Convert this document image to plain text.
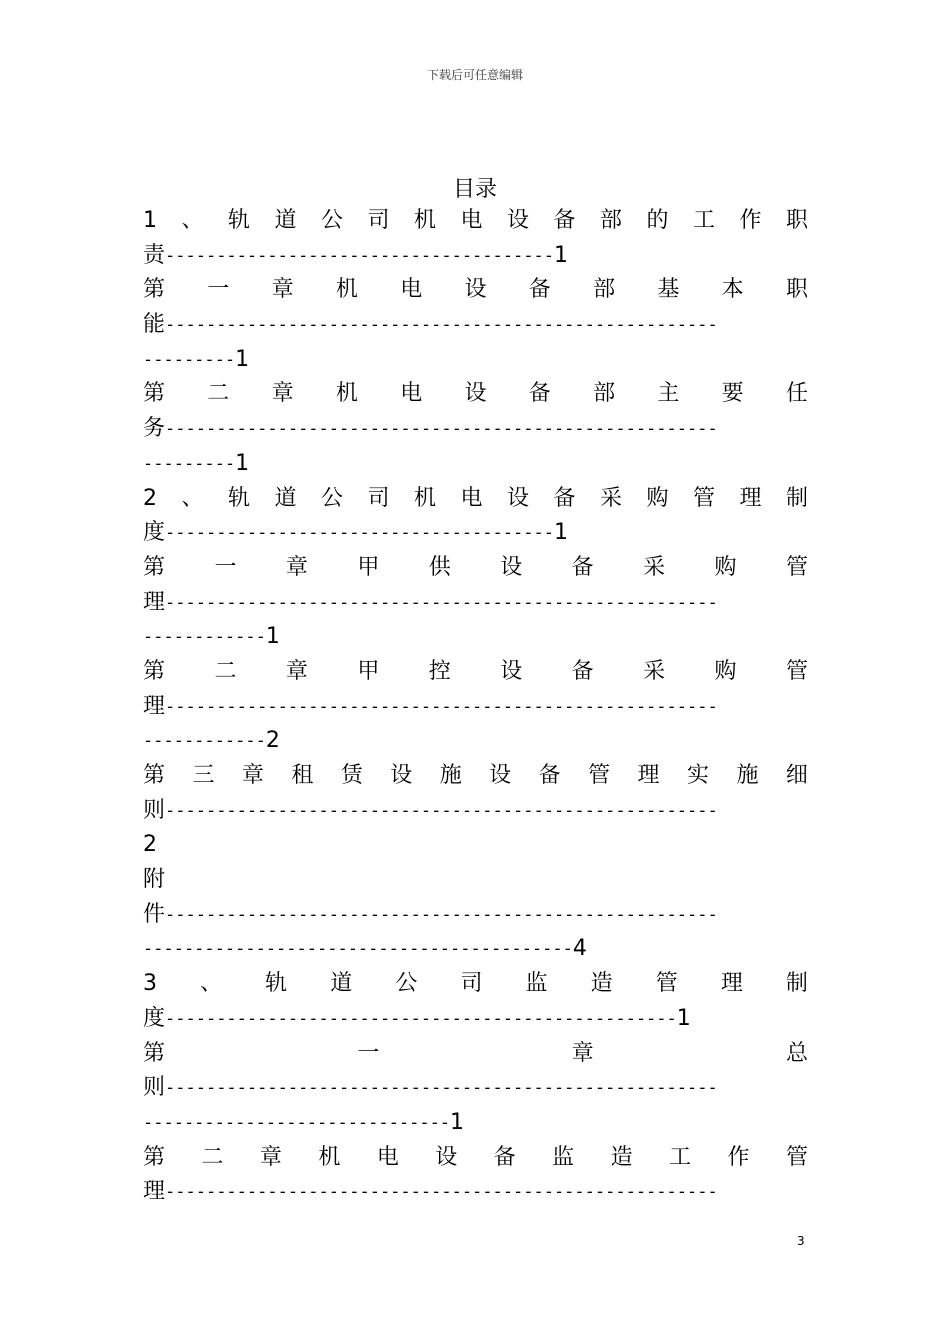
下载后可任意编辑
目录
1 、 轨 道 公 司 机 电 设 备 部 的 工 作 职
责 -------------------------------------- 1
第 一 章 机 电 设 备 部 基 本 职
能 ------------------------------------------------------
--------- 1
第 二 章 机 电 设 备 部 主 要 任
务 ------------------------------------------------------
--------- 1
2 、 轨 道 公 司 机 电 设 备 采 购 管 理 制
度 -------------------------------------- 1
第 一 章 甲 供 设 备 采 购 管
理 ------------------------------------------------------
------------ 1
第 二 章 甲 控 设 备 采 购 管
理 ------------------------------------------------------
------------ 2
第 三 章 租 赁 设 施 设 备 管 理 实 施 细
则 ------------------------------------------------------
2
附
件 ------------------------------------------------------
------------------------------------------ 4
3 、 轨 道 公 司 监 造 管 理 制
度 -------------------------------------------------- 1
第	一	章	总
则 ------------------------------------------------------
------------------------------ 1
第 二 章 机 电 设 备 监 造 工 作 管
理 ------------------------------------------------------
3
